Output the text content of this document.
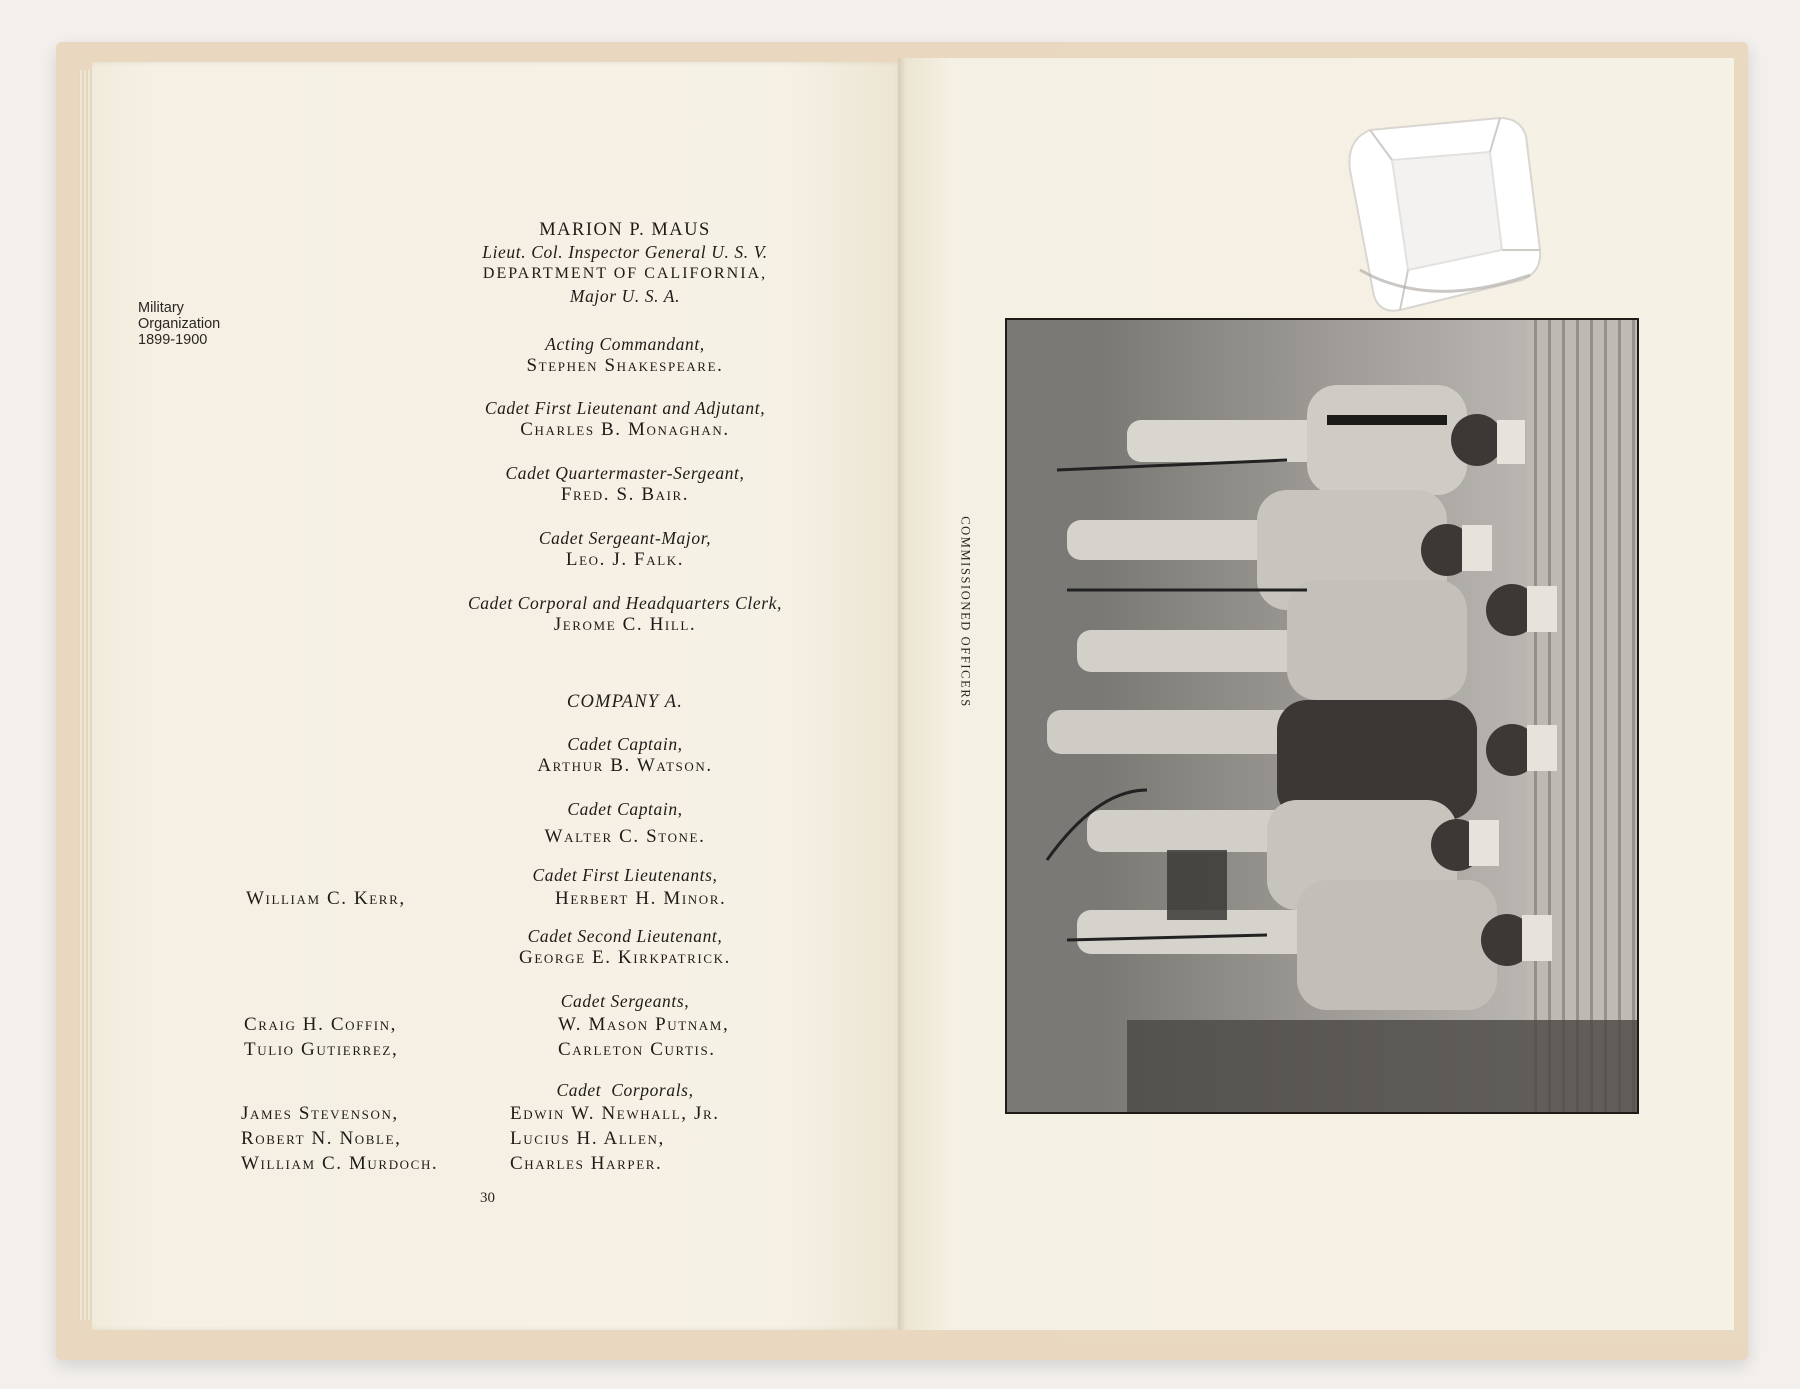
Military
Organization
1899-1900
MARION P. MAUS
Lieut. Col. Inspector General U. S. V.
DEPARTMENT OF CALIFORNIA,
Major U. S. A.
Acting Commandant,
Stephen Shakespeare.
Cadet First Lieutenant and Adjutant,
Charles B. Monaghan.
Cadet Quartermaster-Sergeant,
Fred. S. Bair.
Cadet Sergeant-Major,
Leo. J. Falk.
Cadet Corporal and Headquarters Clerk,
Jerome C. Hill.
COMPANY A.
Cadet Captain,
Arthur B. Watson.
Cadet Captain,
Walter C. Stone.
Cadet First Lieutenants,
William C. Kerr,	Herbert H. Minor.
Cadet Second Lieutenant,
George E. Kirkpatrick.
Cadet Sergeants,
Craig H. Coffin,
Tulio Gutierrez,
W. Mason Putnam,
Carleton Curtis.
Cadet  Corporals,
James Stevenson,
Robert N. Noble,
William C. Murdoch.
Edwin W. Newhall, Jr.
Lucius H. Allen,
Charles Harper.
30
COMMISSIONED OFFICERS
